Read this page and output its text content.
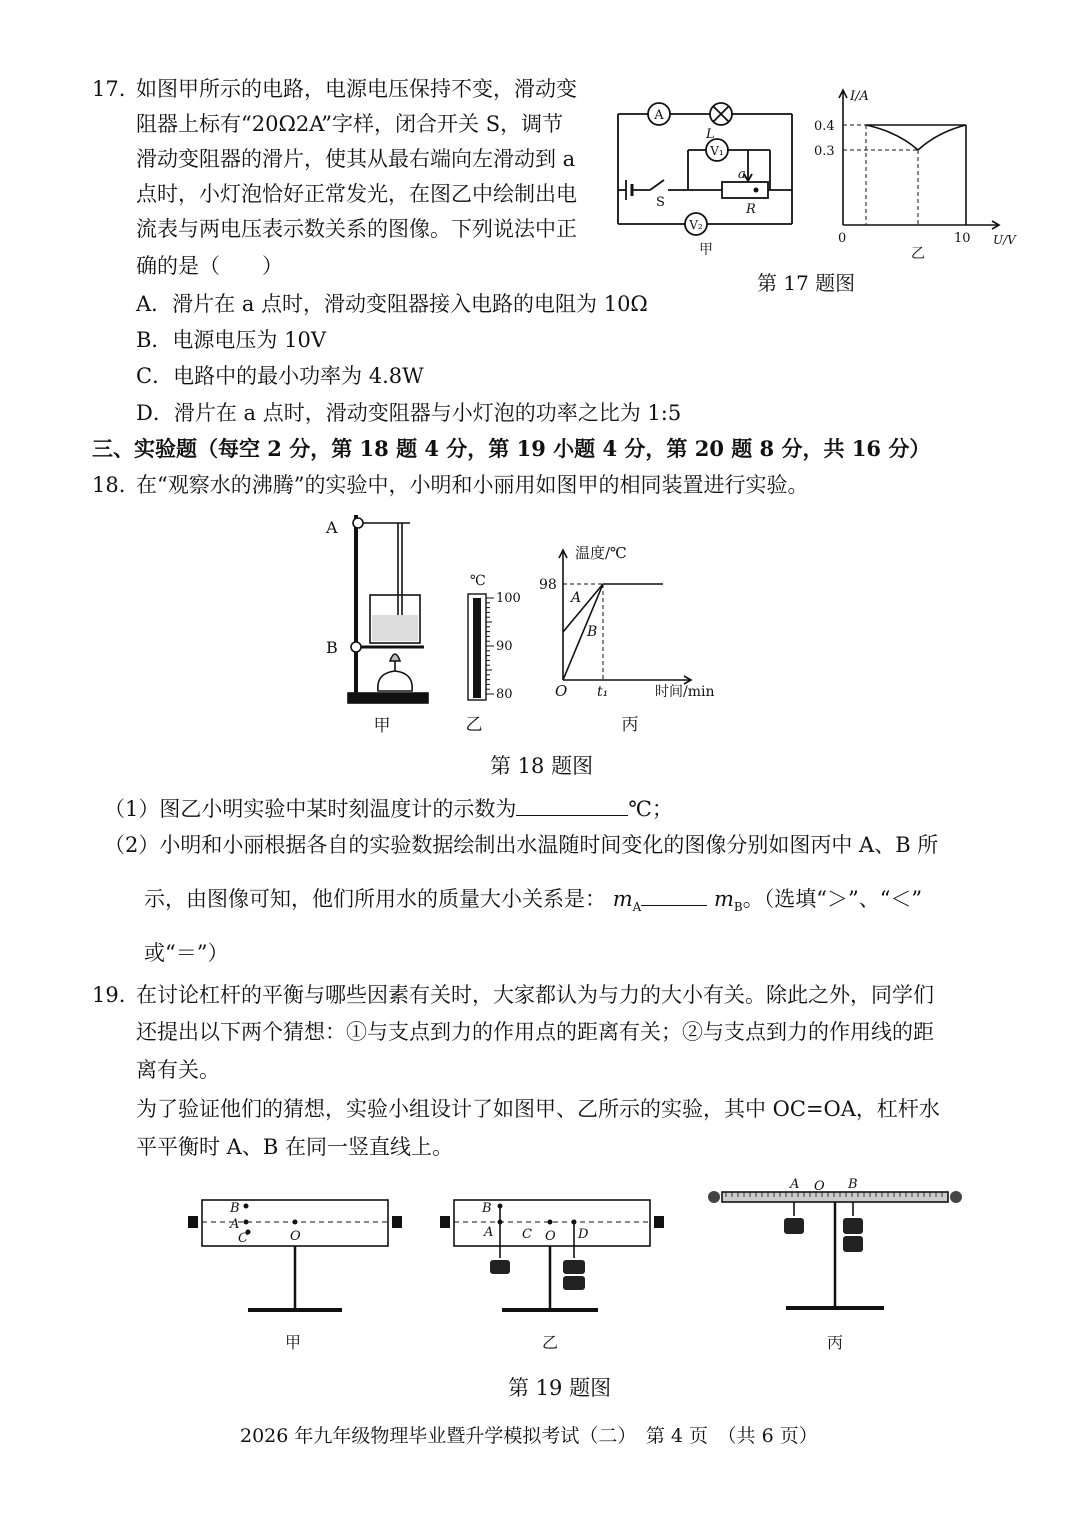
17. 如图甲所示的电路，电源电压保持不变，滑动变
阻器上标有“20Ω2A”字样，闭合开关 S，调节
滑动变阻器的滑片，使其从最右端向左滑动到 a
点时，小灯泡恰好正常发光，在图乙中绘制出电
流表与两电压表示数关系的图像。下列说法中正
确的是（　　）
A．滑片在 a 点时，滑动变阻器接入电路的电阻为 10Ω
B．电源电压为 10V
C．电路中的最小功率为 4.8W
D．滑片在 a 点时，滑动变阻器与小灯泡的功率之比为 1:5
A
L
V₁
V₂
S	R
a
甲
I/A
0.4
0.3
0	10 U/V
乙
第 17 题图
三、实验题（每空 2 分，第 18 题 4 分，第 19 小题 4 分，第 20 题 8 分，共 16 分）
18. 在“观察水的沸腾”的实验中，小明和小丽用如图甲的相同装置进行实验。
A
B
甲
℃
100
90
80
乙
温度/℃
98
A
B
O t₁	时间/min
丙
第 18 题图
（1）图乙小明实验中某时刻温度计的示数为	℃；
（2）小明和小丽根据各自的实验数据绘制出水温随时间变化的图像分别如图丙中 A、B 所
示，由图像可知，他们所用水的质量大小关系是： $m_A$	$m_B$。（选填“＞”、“＜”
或“＝”）
19. 在讨论杠杆的平衡与哪些因素有关时，大家都认为与力的大小有关。除此之外，同学们
还提出以下两个猜想：①与支点到力的作用点的距离有关；②与支点到力的作用线的距
离有关。
为了验证他们的猜想，实验小组设计了如图甲、乙所示的实验，其中 OC=OA，杠杆水
平平衡时 A、B 在同一竖直线上。
B
A
C	O
甲
B
A C O D
乙
A O B
丙
第 19 题图
2026 年九年级物理毕业暨升学模拟考试（二）　第 4 页　（共 6 页）
